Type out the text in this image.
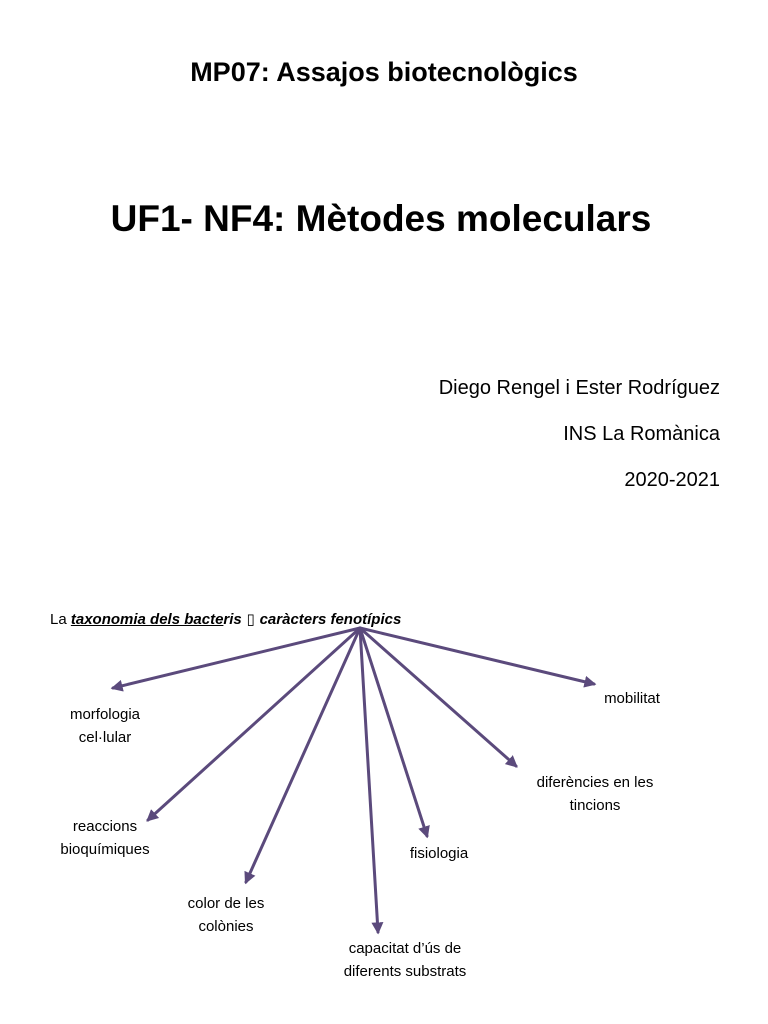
MP07: Assajos biotecnològics
UF1- NF4: Mètodes moleculars
Diego Rengel i Ester Rodríguez
INS La Romànica
2020-2021
La taxonomia dels bacteris ▯ caràcters fenotípics
morfologia
cel·lular
reaccions
bioquímiques
color de les
colònies
capacitat d’ús de
diferents substrats
fisiologia
diferències en les
tincions
mobilitat
